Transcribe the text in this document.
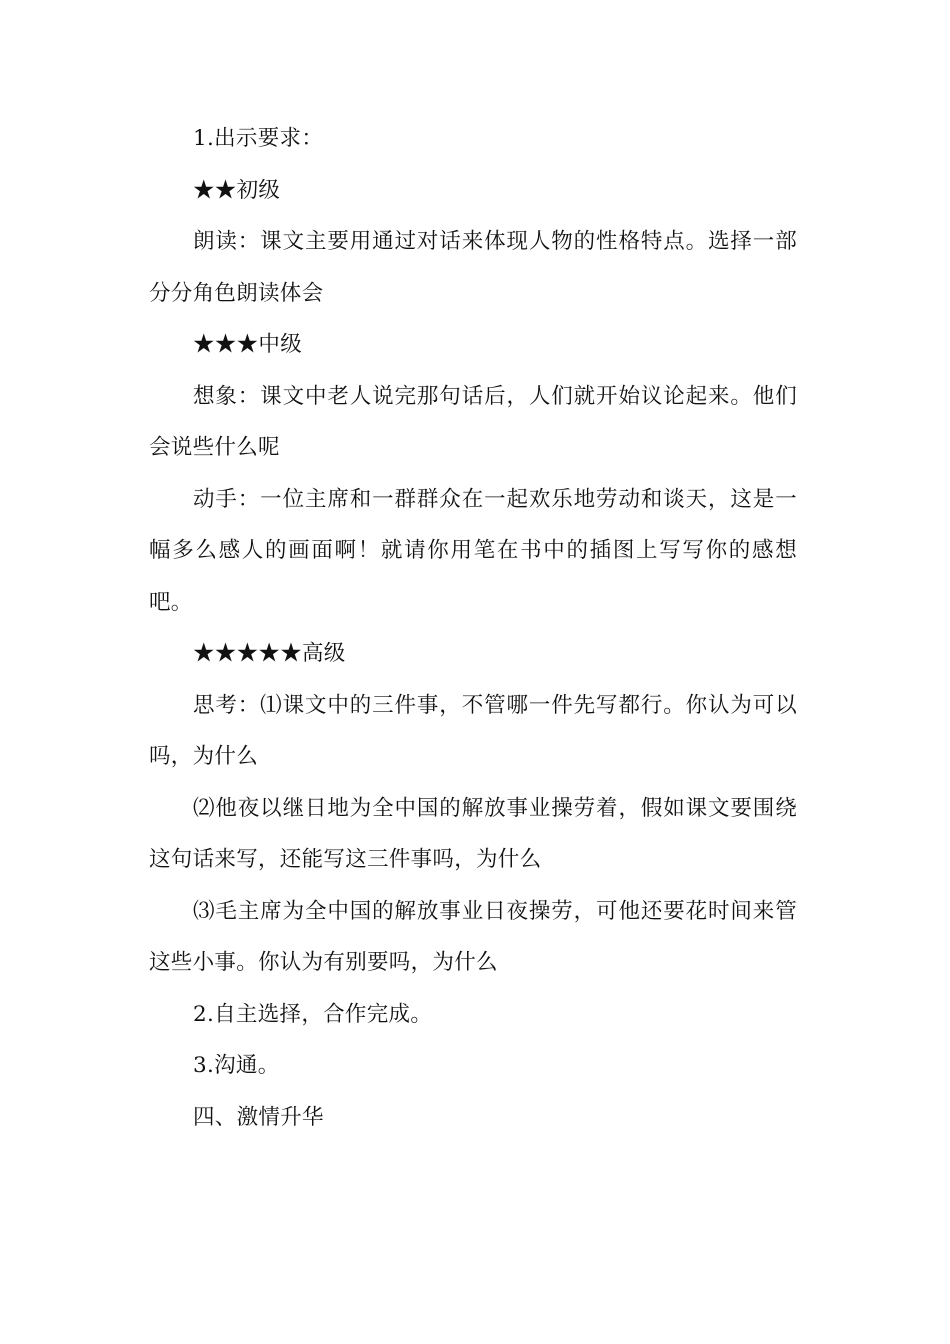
1.出示要求：

★★初级

朗读：课文主要用通过对话来体现人物的性格特点。选择一部分分角色朗读体会

★★★中级

想象：课文中老人说完那句话后，人们就开始议论起来。他们会说些什么呢

动手：一位主席和一群群众在一起欢乐地劳动和谈天，这是一幅多么感人的画面啊！就请你用笔在书中的插图上写写你的感想吧。

★★★★★高级

思考：⑴课文中的三件事，不管哪一件先写都行。你认为可以吗，为什么

⑵他夜以继日地为全中国的解放事业操劳着，假如课文要围绕这句话来写，还能写这三件事吗，为什么

⑶毛主席为全中国的解放事业日夜操劳，可他还要花时间来管这些小事。你认为有别要吗，为什么

2.自主选择，合作完成。

3.沟通。

四、激情升华
